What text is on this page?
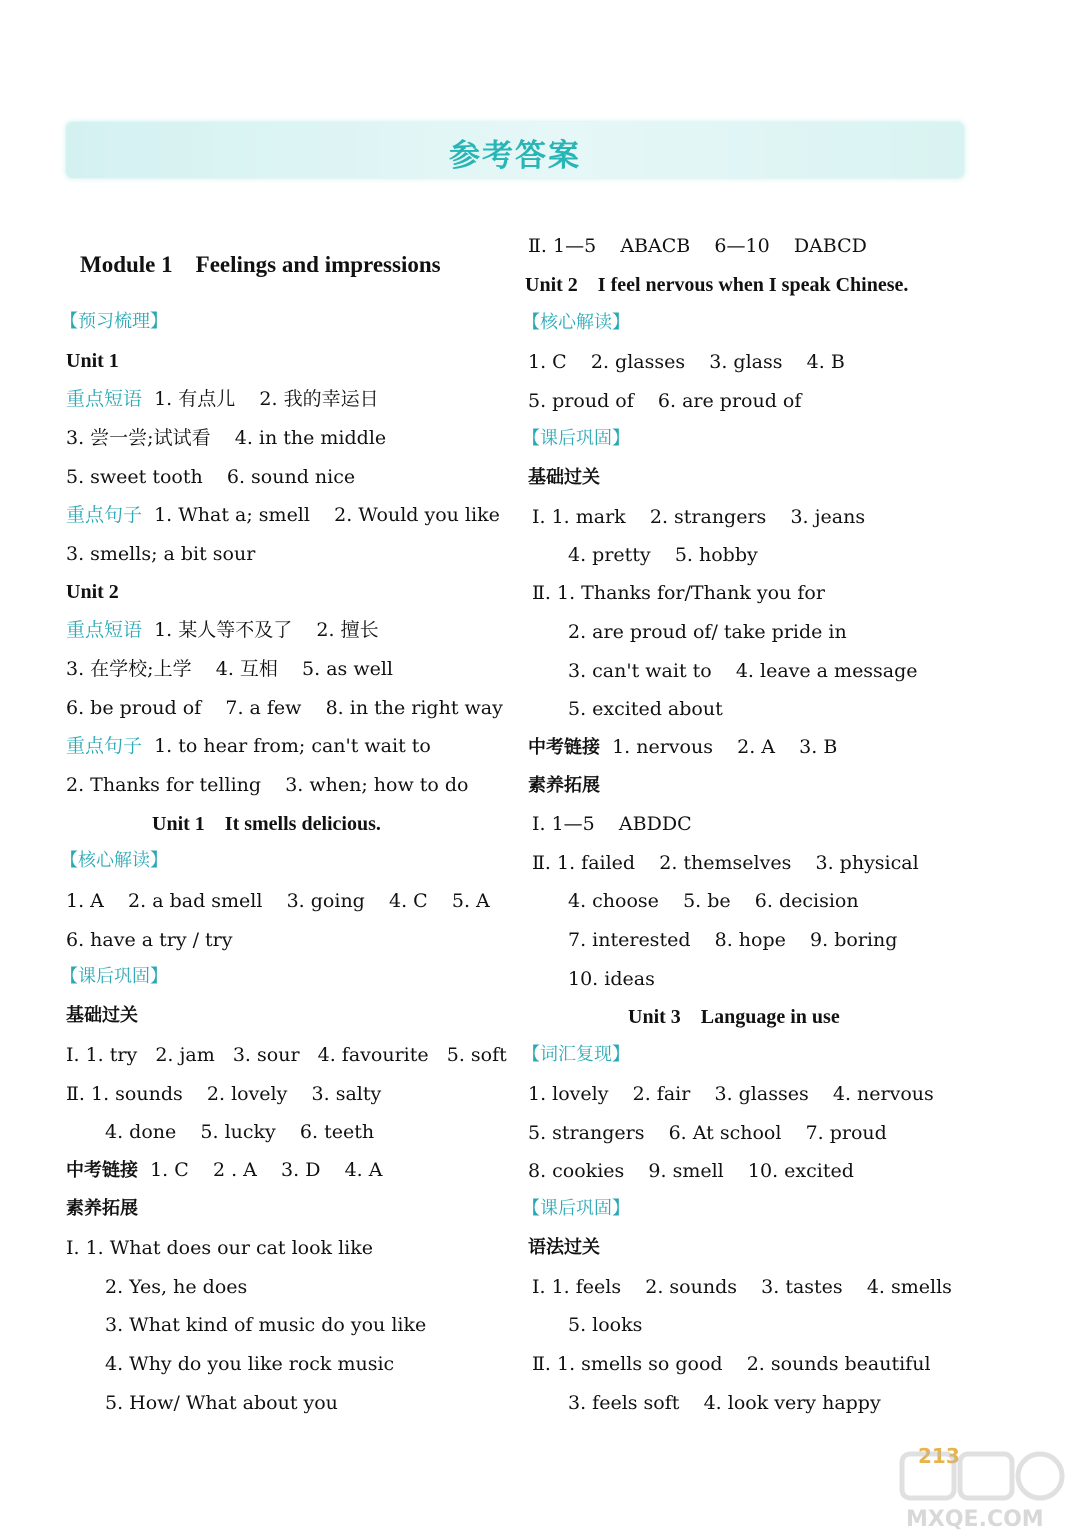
参考答案
Module 1    Feelings and impressions
【预习梳理】
Unit 1
重点短语  1. 有点儿    2. 我的幸运日
3. 尝一尝;试试看    4. in the middle
5. sweet tooth    6. sound nice
重点句子  1. What a; smell    2. Would you like
3. smells; a bit sour
Unit 2
重点短语  1. 某人等不及了    2. 擅长
3. 在学校;上学    4. 互相    5. as well
6. be proud of    7. a few    8. in the right way
重点句子  1. to hear from; can't wait to
2. Thanks for telling    3. when; how to do
Unit 1    It smells delicious.
【核心解读】
1. A    2. a bad smell    3. going    4. C    5. A
6. have a try / try
【课后巩固】
基础过关
Ⅰ. 1. try   2. jam   3. sour   4. favourite   5. soft
Ⅱ. 1. sounds    2. lovely    3. salty
4. done    5. lucky    6. teeth
中考链接  1. C    2 . A    3. D    4. A
素养拓展
Ⅰ. 1. What does our cat look like
2. Yes, he does
3. What kind of music do you like
4. Why do you like rock music
5. How/ What about you
Ⅱ. 1—5    ABACB    6—10    DABCD
Unit 2    I feel nervous when I speak Chinese.
【核心解读】
1. C    2. glasses    3. glass    4. B
5. proud of    6. are proud of
【课后巩固】
基础过关
Ⅰ. 1. mark    2. strangers    3. jeans
4. pretty    5. hobby
Ⅱ. 1. Thanks for/Thank you for
2. are proud of/ take pride in
3. can't wait to    4. leave a message
5. excited about
中考链接  1. nervous    2. A    3. B
素养拓展
Ⅰ. 1—5    ABDDC
Ⅱ. 1. failed    2. themselves    3. physical
4. choose    5. be    6. decision
7. interested    8. hope    9. boring
10. ideas
Unit 3    Language in use
【词汇复现】
1. lovely    2. fair    3. glasses    4. nervous
5. strangers    6. At school    7. proud
8. cookies    9. smell    10. excited
【课后巩固】
语法过关
Ⅰ. 1. feels    2. sounds    3. tastes    4. smells
5. looks
Ⅱ. 1. smells so good    2. sounds beautiful
3. feels soft    4. look very happy
213
MXQE.COM
